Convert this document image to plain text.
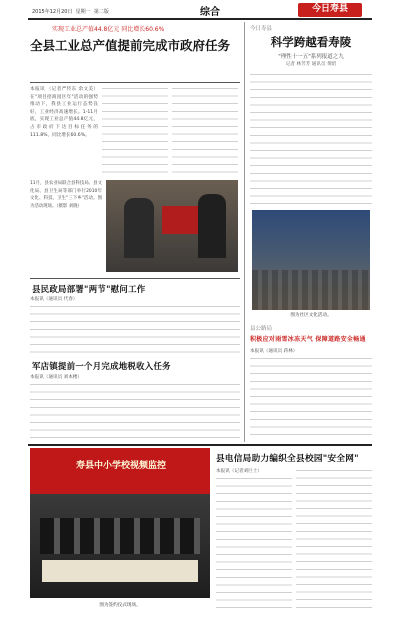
2015年12月20日 星期一 第二版	综合	今日寿县
实现工业总产值44.8亿元 同比增长60.6%
全县工业总产值提前完成市政府任务
本报讯 （记者严传东 余文美）在"项目招商园区年"活动的强势推动下，我县工业运行态势良好，工业经济高速增长。1-11月底，实现工业总产值44.8亿元，占市政府下达目标任务的111.8%，同比增长60.6%。
11月，县农业局联合县科技局、县文化局、县卫生局等部门举行2010年文化、科技、卫生"三下乡"活动。图为活动现场。（摄影 刘晓）
县民政局部署"两节"慰问工作
本报讯（通讯员 代春）
军店镇提前一个月完成地税收入任务
本报讯（通讯员 刘本楼）
今日寿县
科学跨越看寿陵
"理性十一五"系列报道之九
记者 林芳芳 通讯员 黄昭
图为社区文化活动。
县公路局
积极应对雨雪冰冻天气 保障道路安全畅通
本报讯（通讯员 蒋林）
寿县中小学校视频监控
图为签约仪式现场。
县电信局助力编织全县校园"安全网"
本报讯（记者刘巨士）
